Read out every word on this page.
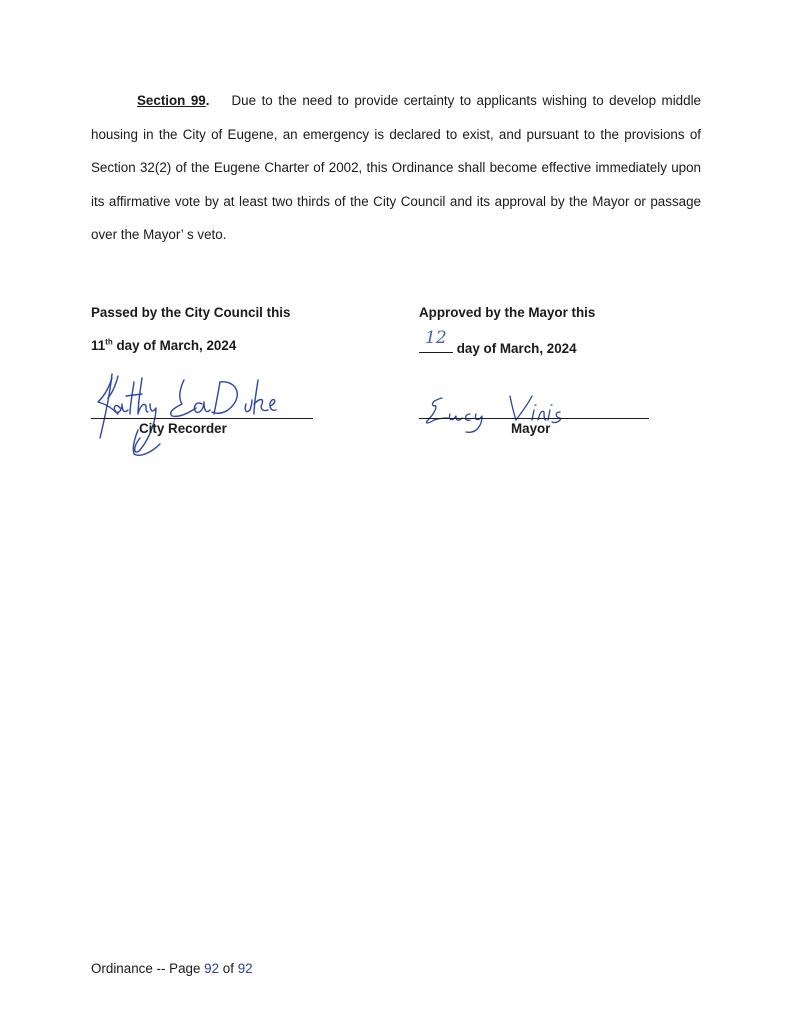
Section 99. Due to the need to provide certainty to applicants wishing to develop middle housing in the City of Eugene, an emergency is declared to exist, and pursuant to the provisions of Section 32(2) of the Eugene Charter of 2002, this Ordinance shall become effective immediately upon its affirmative vote by at least two thirds of the City Council and its approval by the Mayor or passage over the Mayor’ s veto.

Passed by the City Council this
11th day of March, 2024
City Recorder
Approved by the Mayor this
12
day of March, 2024
Mayor
Ordinance -- Page 92 of 92
